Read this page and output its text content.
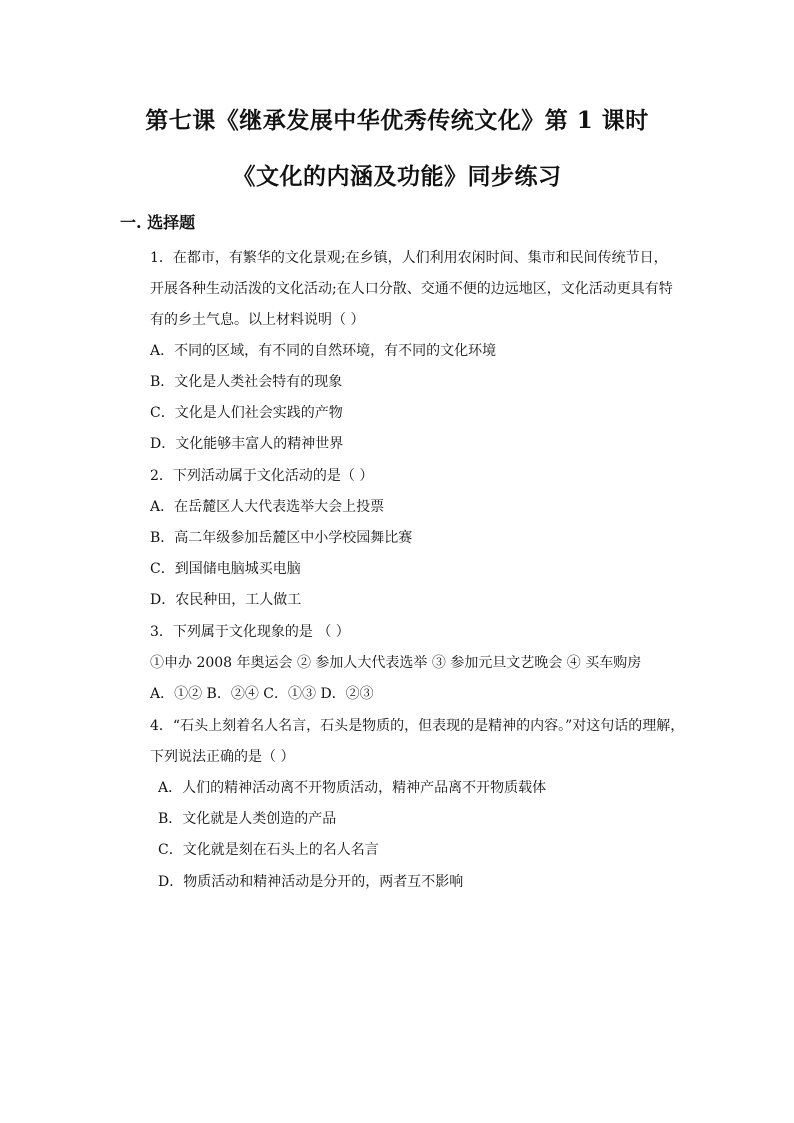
第七课《继承发展中华优秀传统文化》第 1 课时
《文化的内涵及功能》同步练习
一. 选择题
1．在都市，有繁华的文化景观;在乡镇，人们利用农闲时间、集市和民间传统节日，
开展各种生动活泼的文化活动;在人口分散、交通不便的边远地区，文化活动更具有特
有的乡土气息。以上材料说明（ ）
A．不同的区域，有不同的自然环境，有不同的文化环境
B．文化是人类社会特有的现象
C．文化是人们社会实践的产物
D．文化能够丰富人的精神世界
2．下列活动属于文化活动的是（ ）
A．在岳麓区人大代表选举大会上投票
B．高二年级参加岳麓区中小学校园舞比赛
C．到国储电脑城买电脑
D．农民种田，工人做工
3．下列属于文化现象的是 （ ）
①申办 2008 年奥运会 ② 参加人大代表选举 ③ 参加元旦文艺晚会 ④ 买车购房
A．①② B．②④ C．①③ D．②③
4．“石头上刻着名人名言，石头是物质的，但表现的是精神的内容。”对这句话的理解，
下列说法正确的是（ ）
A．人们的精神活动离不开物质活动，精神产品离不开物质载体
B．文化就是人类创造的产品
C．文化就是刻在石头上的名人名言
D．物质活动和精神活动是分开的，两者互不影响
